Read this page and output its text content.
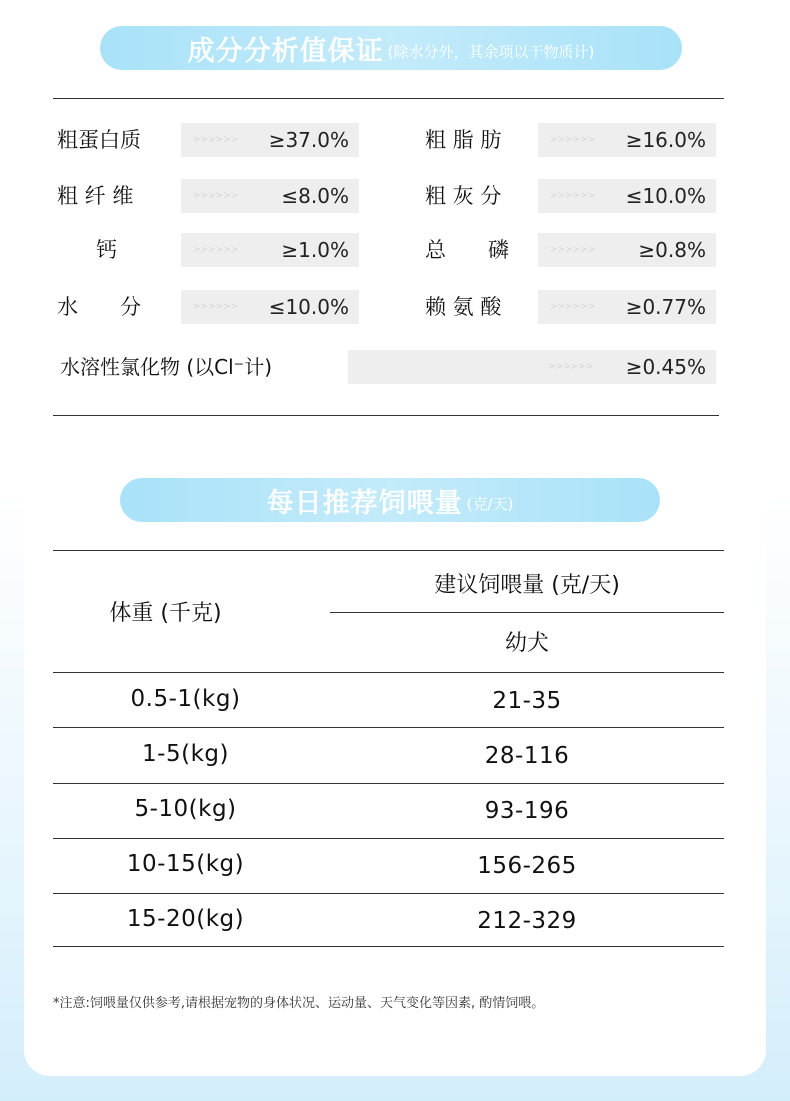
成分分析值保证 (除水分外，其余项以干物质计)
粗蛋白质	>>>>>> ≥37.0%	粗 脂 肪	>>>>>> ≥16.0%
粗 纤 维	>>>>>> ≤8.0%	粗 灰 分	>>>>>> ≤10.0%
钙	>>>>>> ≥1.0%	总　　磷	>>>>>> ≥0.8%
水　　分	>>>>>> ≤10.0%	赖 氨 酸	>>>>>> ≥0.77%
水溶性氯化物 (以Cl⁻计)	>>>>>> ≥0.45%
每日推荐饲喂量 (克/天)
体重 (千克)
建议饲喂量 (克/天)
幼犬
0.5-1(kg)	21-35
1-5(kg)	28-116
5-10(kg)	93-196
10-15(kg)	156-265
15-20(kg)	212-329
*注意:饲喂量仅供参考,请根据宠物的身体状况、运动量、天气变化等因素, 酌情饲喂。
